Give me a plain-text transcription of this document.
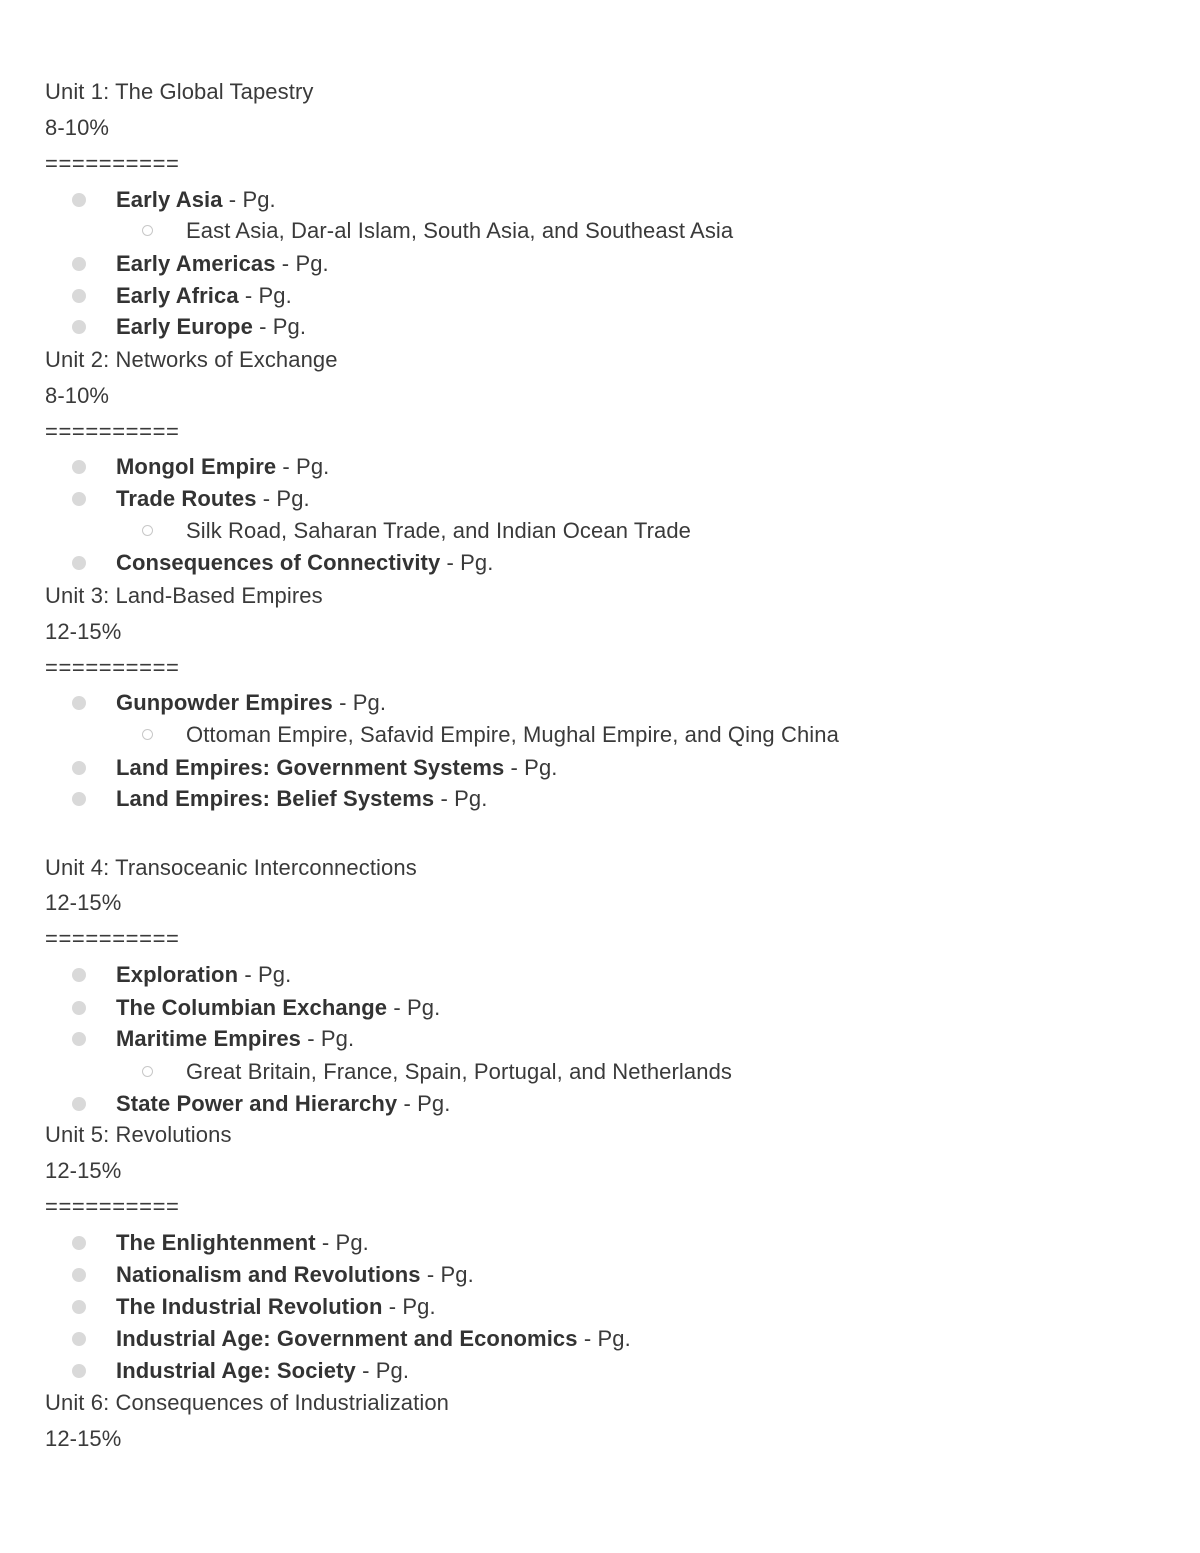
Unit 1: The Global Tapestry
8-10%
==========
Early Asia - Pg.
East Asia, Dar-al Islam, South Asia, and Southeast Asia
Early Americas - Pg.
Early Africa - Pg.
Early Europe - Pg.
Unit 2: Networks of Exchange
8-10%
==========
Mongol Empire - Pg.
Trade Routes - Pg.
Silk Road, Saharan Trade, and Indian Ocean Trade
Consequences of Connectivity - Pg.
Unit 3: Land-Based Empires
12-15%
==========
Gunpowder Empires - Pg.
Ottoman Empire, Safavid Empire, Mughal Empire, and Qing China
Land Empires: Government Systems - Pg.
Land Empires: Belief Systems - Pg.
Unit 4: Transoceanic Interconnections
12-15%
==========
Exploration - Pg.
The Columbian Exchange - Pg.
Maritime Empires - Pg.
Great Britain, France, Spain, Portugal, and Netherlands
State Power and Hierarchy - Pg.
Unit 5: Revolutions
12-15%
==========
The Enlightenment - Pg.
Nationalism and Revolutions - Pg.
The Industrial Revolution - Pg.
Industrial Age: Government and Economics - Pg.
Industrial Age: Society - Pg.
Unit 6: Consequences of Industrialization
12-15%
